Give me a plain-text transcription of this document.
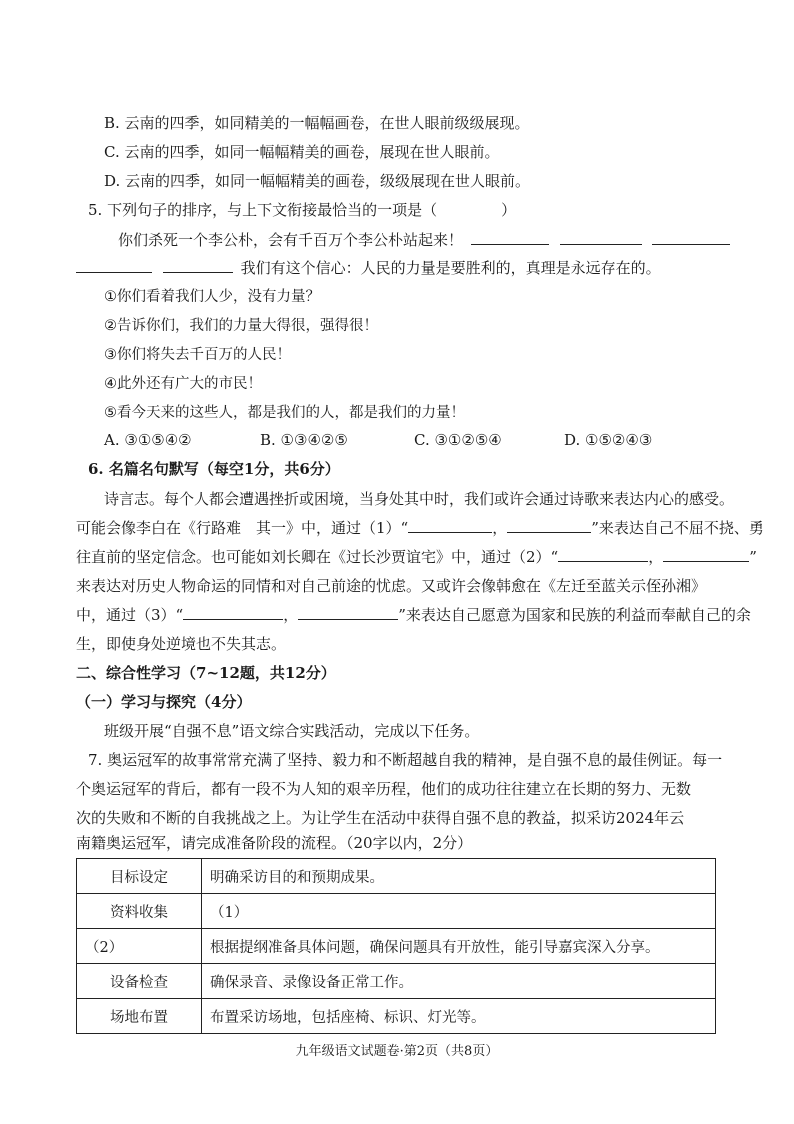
B. 云南的四季，如同精美的一幅幅画卷，在世人眼前级级展现。
C. 云南的四季，如同一幅幅精美的画卷，展现在世人眼前。
D. 云南的四季，如同一幅幅精美的画卷，级级展现在世人眼前。
5. 下列句子的排序，与上下文衔接最恰当的一项是（	）
你们杀死一个李公朴，会有千百万个李公朴站起来！
我们有这个信心：人民的力量是要胜利的，真理是永远存在的。
①你们看着我们人少，没有力量？
②告诉你们，我们的力量大得很，强得很！
③你们将失去千百万的人民！
④此外还有广大的市民！
⑤看今天来的这些人，都是我们的人，都是我们的力量！
A. ③①⑤④②	B. ①③④②⑤	C. ③①②⑤④	D. ①⑤②④③
6. 名篇名句默写（每空1分，共6分）
诗言志。每个人都会遭遇挫折或困境，当身处其中时，我们或许会通过诗歌来表达内心的感受。
可能会像李白在《行路难　其一》中，通过（1）“	，	”来表达自己不屈不挠、勇
往直前的坚定信念。也可能如刘长卿在《过长沙贾谊宅》中，通过（2）“	，	”
来表达对历史人物命运的同情和对自己前途的忧虑。又或许会像韩愈在《左迁至蓝关示侄孙湘》
中，通过（3）“	，	”来表达自己愿意为国家和民族的利益而奉献自己的余
生，即使身处逆境也不失其志。
二、综合性学习（7~12题，共12分）
（一）学习与探究（4分）
班级开展“自强不息”语文综合实践活动，完成以下任务。
7. 奥运冠军的故事常常充满了坚持、毅力和不断超越自我的精神，是自强不息的最佳例证。每一
个奥运冠军的背后，都有一段不为人知的艰辛历程，他们的成功往往建立在长期的努力、无数
次的失败和不断的自我挑战之上。为让学生在活动中获得自强不息的教益，拟采访2024年云
南籍奥运冠军，请完成准备阶段的流程。（20字以内，2分）
目标设定	明确采访目的和预期成果。
资料收集	（1）
（2）	根据提纲准备具体问题，确保问题具有开放性，能引导嘉宾深入分享。
设备检查	确保录音、录像设备正常工作。
场地布置	布置采访场地，包括座椅、标识、灯光等。
九年级语文试题卷·第2页（共8页）
